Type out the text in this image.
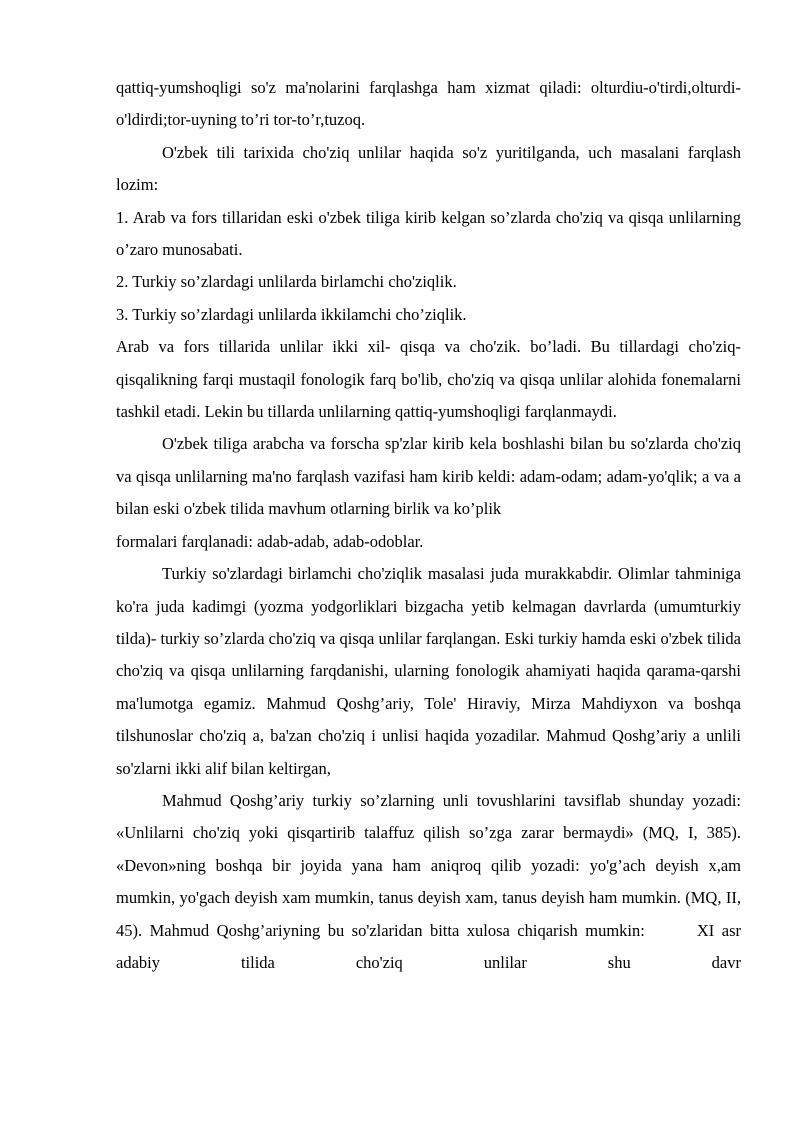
qattiq-yumshoqligi so'z ma'nolarini farqlashga ham xizmat qiladi: olturdiu-o'tirdi,olturdi-o'ldirdi;tor-uyning to’ri tor-to’r,tuzoq.

O'zbek tili tarixida cho'ziq unlilar haqida so'z yuritilganda, uch masalani farqlash lozim:

1. Arab va fors tillaridan eski o'zbek tiliga kirib kelgan so’zlarda cho'ziq va qisqa unlilarning o’zaro munosabati.

2. Turkiy so’zlardagi unlilarda birlamchi cho'ziqlik.

3. Turkiy so’zlardagi unlilarda ikkilamchi cho’ziqlik.

Arab va fors tillarida unlilar ikki xil- qisqa va cho'zik. bo’ladi. Bu tillardagi cho'ziq-qisqalikning farqi mustaqil fonologik farq bo'lib, cho'ziq va qisqa unlilar alohida fonemalarni tashkil etadi. Lekin bu tillarda unlilarning qattiq-yumshoqligi farqlanmaydi.

O'zbek tiliga arabcha va forscha sp'zlar kirib kela boshlashi bilan bu so'zlarda cho'ziq va qisqa unlilarning ma'no farqlash vazifasi ham kirib keldi: adam-odam; adam-yo'qlik; a va a bilan eski o'zbek tilida mavhum otlarning birlik va ko’plik

formalari farqlanadi: adab-adab, adab-odoblar.

Turkiy so'zlardagi birlamchi cho'ziqlik masalasi juda murakkabdir. Olimlar tahminiga ko'ra juda kadimgi (yozma yodgorliklari bizgacha yetib kelmagan davrlarda (umumturkiy tilda)- turkiy so’zlarda cho'ziq va qisqa unlilar farqlangan. Eski turkiy hamda eski o'zbek tilida cho'ziq va qisqa unlilarning farqdanishi, ularning fonologik ahamiyati haqida qarama-qarshi ma'lumotga egamiz. Mahmud Qoshg’ariy, Tole' Hiraviy, Mirza Mahdiyxon va boshqa tilshunoslar cho'ziq a, ba'zan cho'ziq i unlisi haqida yozadilar. Mahmud Qoshg’ariy a unlili so'zlarni ikki alif bilan keltirgan,

Mahmud Qoshg’ariy turkiy so’zlarning unli tovushlarini tavsiflab shunday yozadi: «Unlilarni cho'ziq yoki qisqartirib talaffuz qilish so’zga zarar bermaydi» (MQ, I, 385). «Devon»ning boshqa bir joyida yana ham aniqroq qilib yozadi: yo'g’ach deyish x,am mumkin, yo'gach deyish xam mumkin, tanus deyish xam, tanus deyish ham mumkin. (MQ, II, 45). Mahmud Qoshg’ariyning bu so'zlaridan bitta xulosa chiqarish mumkin:	XI asr adabiy tilida cho'ziq unlilar shu davr
